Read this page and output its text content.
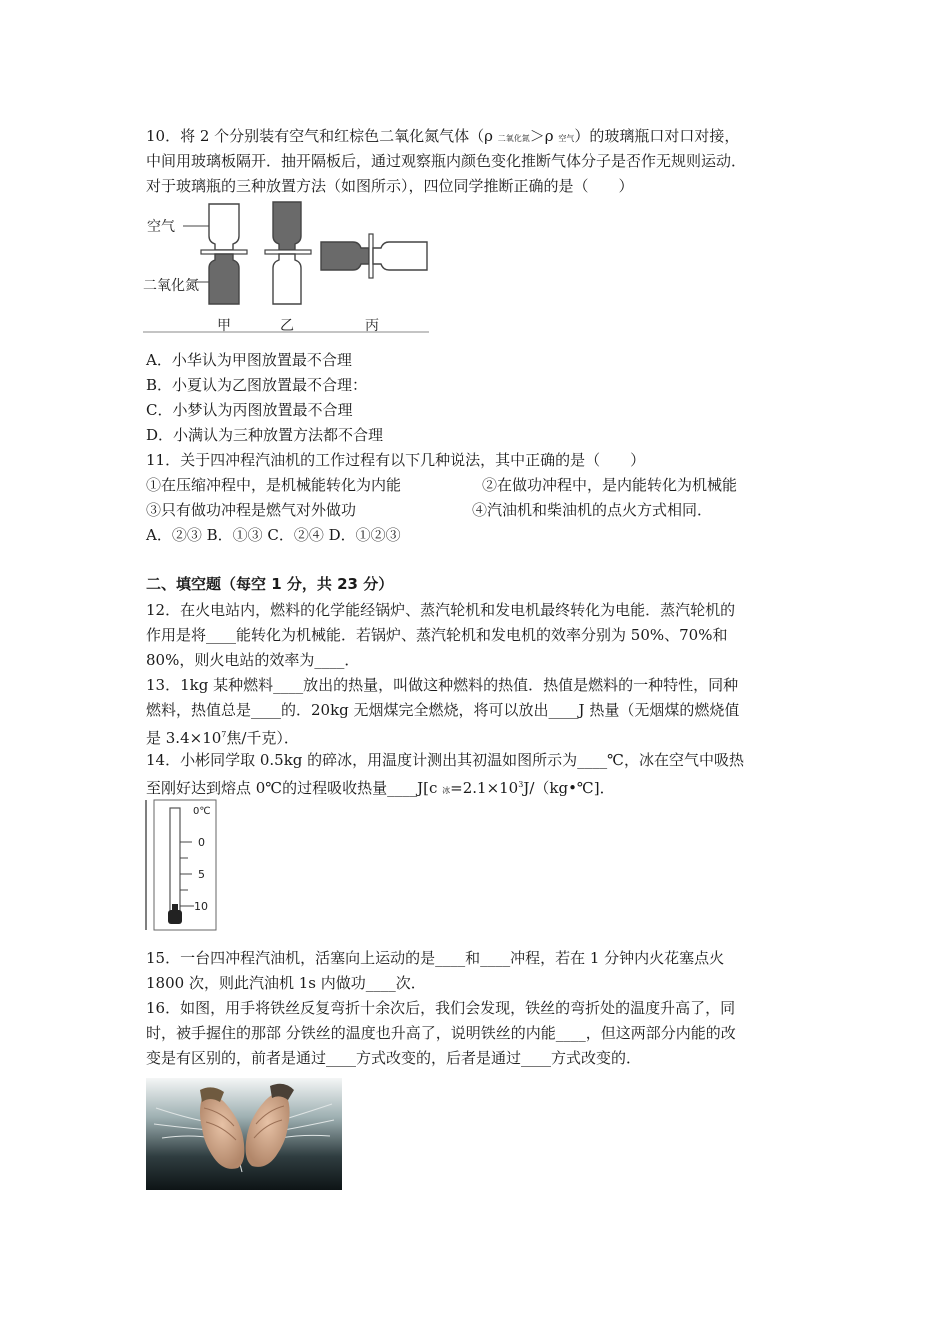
10．将 2 个分别装有空气和红棕色二氧化氮气体（ρ 二氧化氮＞ρ 空气）的玻璃瓶口对口对接，
中间用玻璃板隔开．抽开隔板后，通过观察瓶内颜色变化推断气体分子是否作无规则运动．
对于玻璃瓶的三种放置方法（如图所示），四位同学推断正确的是（　　）
空气
二氧化氮
甲	乙	丙
A．小华认为甲图放置最不合理
B．小夏认为乙图放置最不合理：
C．小梦认为丙图放置最不合理
D．小满认为三种放置方法都不合理
11．关于四冲程汽油机的工作过程有以下几种说法，其中正确的是（　　）
①在压缩冲程中，是机械能转化为内能	②在做功冲程中，是内能转化为机械能
③只有做功冲程是燃气对外做功	④汽油机和柴油机的点火方式相同．
A．②③ B．①③ C．②④ D．①②③
二、填空题（每空 1 分，共 23 分）
12．在火电站内，燃料的化学能经锅炉、蒸汽轮机和发电机最终转化为电能．蒸汽轮机的
作用是将____能转化为机械能．若锅炉、蒸汽轮机和发电机的效率分别为 50%、70%和
80%，则火电站的效率为____．
13．1kg 某种燃料____放出的热量，叫做这种燃料的热值．热值是燃料的一种特性，同种
燃料，热值总是____的．20kg 无烟煤完全燃烧，将可以放出____J 热量（无烟煤的燃烧值
是 $3.4\times 10^7$焦/千克）．
14．小彬同学取 0.5kg 的碎冰，用温度计测出其初温如图所示为____℃，冰在空气中吸热
至刚好达到熔点 0℃的过程吸收热量____J[c 冰$=2.1\times 10^3J/(kg•℃]$．
0℃
0
5
10
15．一台四冲程汽油机，活塞向上运动的是____和____冲程，若在 1 分钟内火花塞点火
1800 次，则此汽油机 1s 内做功____次．
16．如图，用手将铁丝反复弯折十余次后，我们会发现，铁丝的弯折处的温度升高了，同
时，被手握住的那部 分铁丝的温度也升高了，说明铁丝的内能____，但这两部分内能的改
变是有区别的，前者是通过____方式改变的，后者是通过____方式改变的．
